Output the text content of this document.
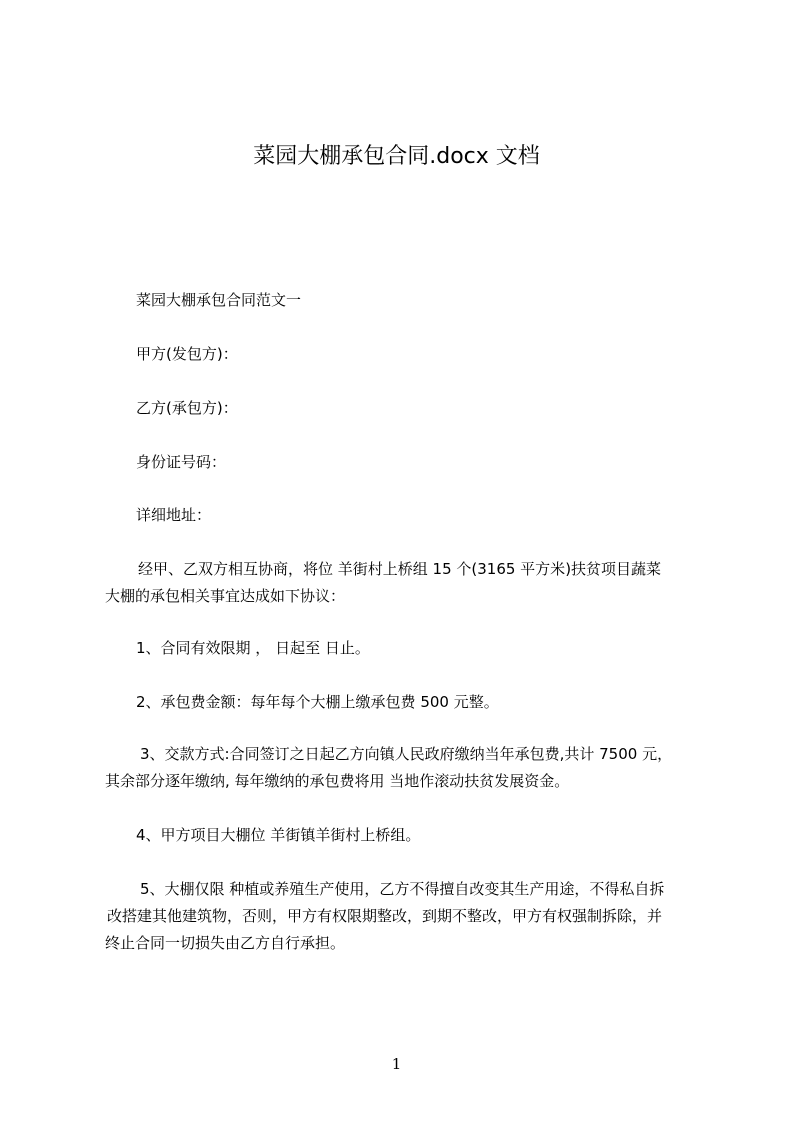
菜园大棚承包合同.docx 文档
菜园大棚承包合同范文一
甲方(发包方)：
乙方(承包方)：
身份证号码：
详细地址：
经甲、乙双方相互协商，将位 羊街村上桥组 15 个(3165 平方米)扶贫项目蔬菜
大棚的承包相关事宜达成如下协议：
1、合同有效限期 ， 日起至 日止。
2、承包费金额：每年每个大棚上缴承包费 500 元整。
3、交款方式:合同签订之日起乙方向镇人民政府缴纳当年承包费,共计 7500 元，
其余部分逐年缴纳, 每年缴纳的承包费将用 当地作滚动扶贫发展资金。
4、甲方项目大棚位 羊街镇羊街村上桥组。
5、大棚仅限 种植或养殖生产使用，乙方不得擅自改变其生产用途，不得私自拆
改搭建其他建筑物，否则，甲方有权限期整改，到期不整改，甲方有权强制拆除，并
终止合同一切损失由乙方自行承担。
1
